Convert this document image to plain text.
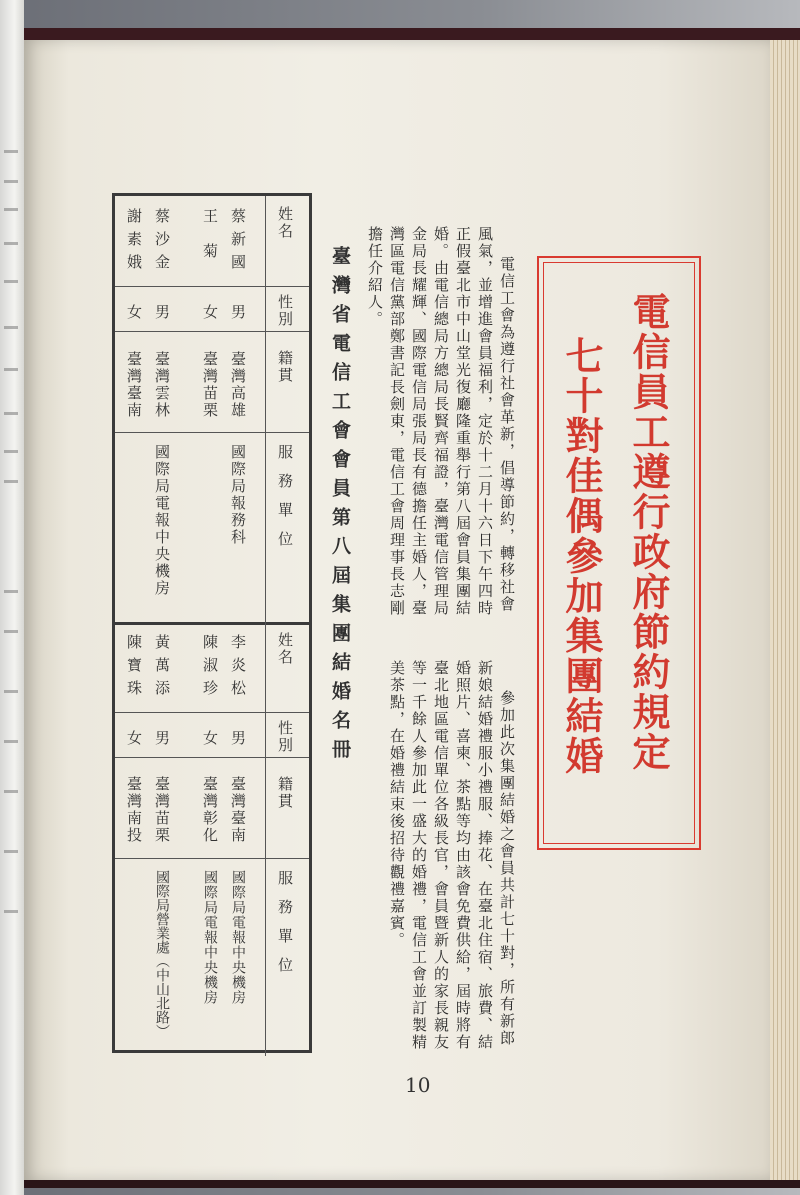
電信員工遵行政府節約規定
七十對佳偶參加集團結婚
電信工會為遵行社會革新，倡導節約，轉移社會風氣，並增進會員福利，定於十二月十六日下午四時正假臺北市中山堂光復廳隆重舉行第八屆會員集團結婚。由電信總局方總局長賢齊福證，臺灣電信管理局金局長耀輝、國際電信局張局長有德擔任主婚人，臺灣區電信黨部鄭書記長劍東，電信工會周理事長志剛擔任介紹人。
參加此次集團結婚之會員共計七十對，所有新郎新娘結婚禮服小禮服、捧花、在臺北住宿、旅費、結婚照片、喜柬、茶點等均由該會免費供給，屆時將有臺北地區電信單位各級長官，會員暨新人的家長親友等一千餘人參加此一盛大的婚禮，電信工會並訂製精美茶點，在婚禮結束後招待觀禮嘉賓。
臺灣省電信工會會員第八屆集團結婚名冊
姓名
性別
籍貫
服務單位
蔡新國
男
臺灣高雄
國際局報務科
王菊
女
臺灣苗栗
蔡沙金
男
臺灣雲林
國際局電報中央機房
謝素娥
女
臺灣臺南
姓名
性別
籍貫
服務單位
李炎松
男
臺灣臺南
國際局電報中央機房
陳淑珍
女
臺灣彰化
國際局電報中央機房
黃萬添
男
臺灣苗栗
國際局營業處（中山北路）
陳寶珠
女
臺灣南投
10
